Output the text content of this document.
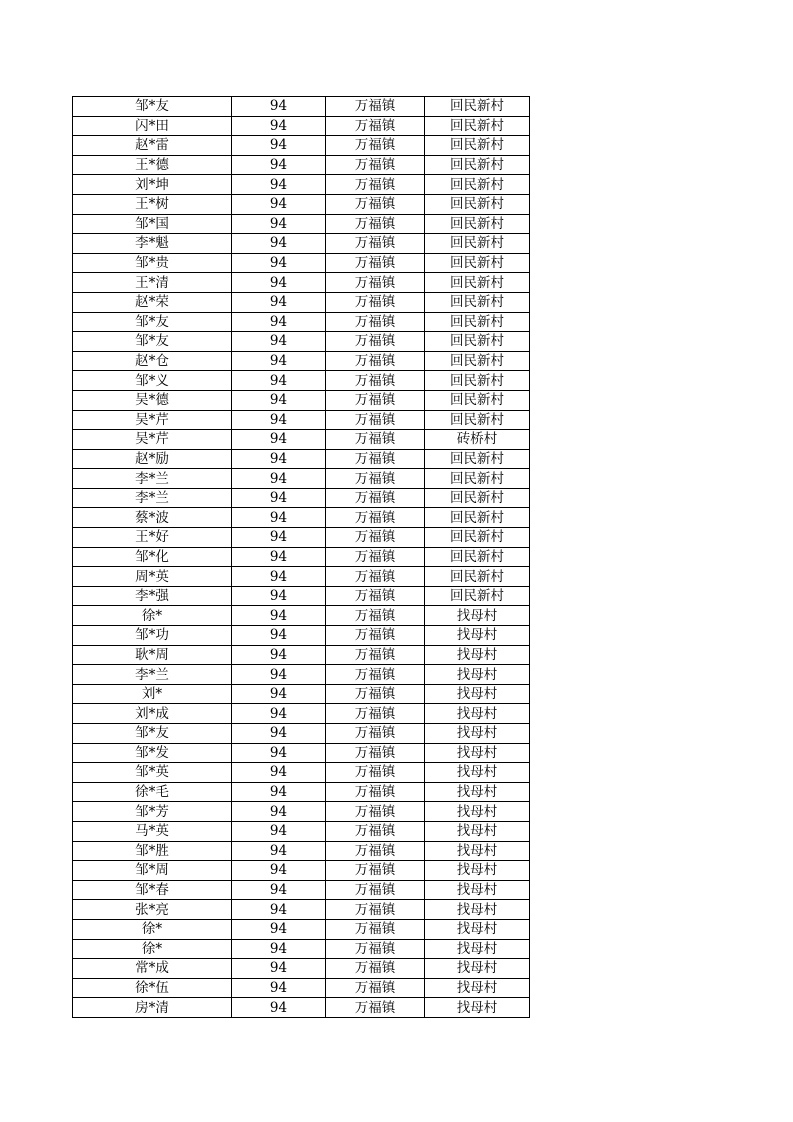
邹*友	94	万福镇	回民新村
闪*田	94	万福镇	回民新村
赵*雷	94	万福镇	回民新村
王*德	94	万福镇	回民新村
刘*坤	94	万福镇	回民新村
王*树	94	万福镇	回民新村
邹*国	94	万福镇	回民新村
李*魁	94	万福镇	回民新村
邹*贵	94	万福镇	回民新村
王*清	94	万福镇	回民新村
赵*荣	94	万福镇	回民新村
邹*友	94	万福镇	回民新村
邹*友	94	万福镇	回民新村
赵*仓	94	万福镇	回民新村
邹*义	94	万福镇	回民新村
吴*德	94	万福镇	回民新村
吴*芹	94	万福镇	回民新村
吴*芹	94	万福镇	砖桥村
赵*励	94	万福镇	回民新村
李*兰	94	万福镇	回民新村
李*兰	94	万福镇	回民新村
蔡*波	94	万福镇	回民新村
王*好	94	万福镇	回民新村
邹*化	94	万福镇	回民新村
周*英	94	万福镇	回民新村
李*强	94	万福镇	回民新村
徐*	94	万福镇	找母村
邹*功	94	万福镇	找母村
耿*周	94	万福镇	找母村
李*兰	94	万福镇	找母村
刘*	94	万福镇	找母村
刘*成	94	万福镇	找母村
邹*友	94	万福镇	找母村
邹*发	94	万福镇	找母村
邹*英	94	万福镇	找母村
徐*毛	94	万福镇	找母村
邹*芳	94	万福镇	找母村
马*英	94	万福镇	找母村
邹*胜	94	万福镇	找母村
邹*周	94	万福镇	找母村
邹*春	94	万福镇	找母村
张*亮	94	万福镇	找母村
徐*	94	万福镇	找母村
徐*	94	万福镇	找母村
常*成	94	万福镇	找母村
徐*伍	94	万福镇	找母村
房*清	94	万福镇	找母村
